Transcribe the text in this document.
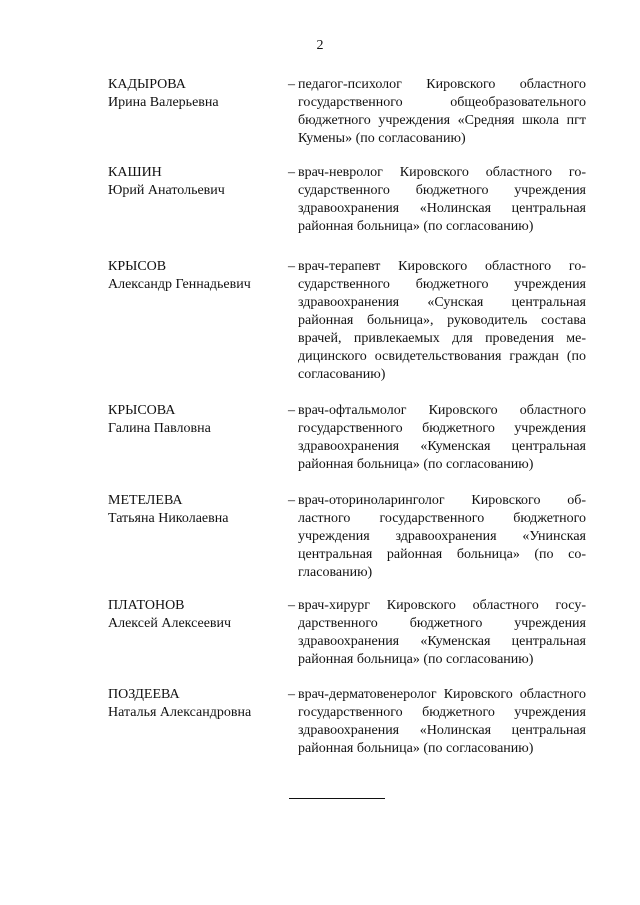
2
КАДЫРОВА
Ирина Валерьевна
– педагог-психолог Кировского областного государственного общеобразовательного бюджетного учреждения «Средняя школа пгт Кумены» (по согласованию)
КАШИН
Юрий Анатольевич
– врач-невролог Кировского областного государственного бюджетного учреждения здравоохранения «Нолинская центральная районная больница» (по согласованию)
КРЫСОВ
Александр Геннадьевич
– врач-терапевт Кировского областного государственного бюджетного учреждения здравоохранения «Сунская центральная районная больница», руководитель состава врачей, привлекаемых для проведения медицинского освидетельствования граждан (по согласованию)
КРЫСОВА
Галина Павловна
– врач-офтальмолог Кировского областного государственного бюджетного учреждения здравоохранения «Куменская центральная районная больница» (по согласованию)
МЕТЕЛЕВА
Татьяна Николаевна
– врач-оториноларинголог Кировского областного государственного бюджетного учреждения здравоохранения «Унинская центральная районная больница» (по согласованию)
ПЛАТОНОВ
Алексей Алексеевич
– врач-хирург Кировского областного государственного бюджетного учреждения здравоохранения «Куменская центральная районная больница» (по согласованию)
ПОЗДЕЕВА
Наталья Александровна
– врач-дерматовенеролог Кировского областного государственного бюджетного учреждения здравоохранения «Нолинская центральная районная больница» (по согласованию)
